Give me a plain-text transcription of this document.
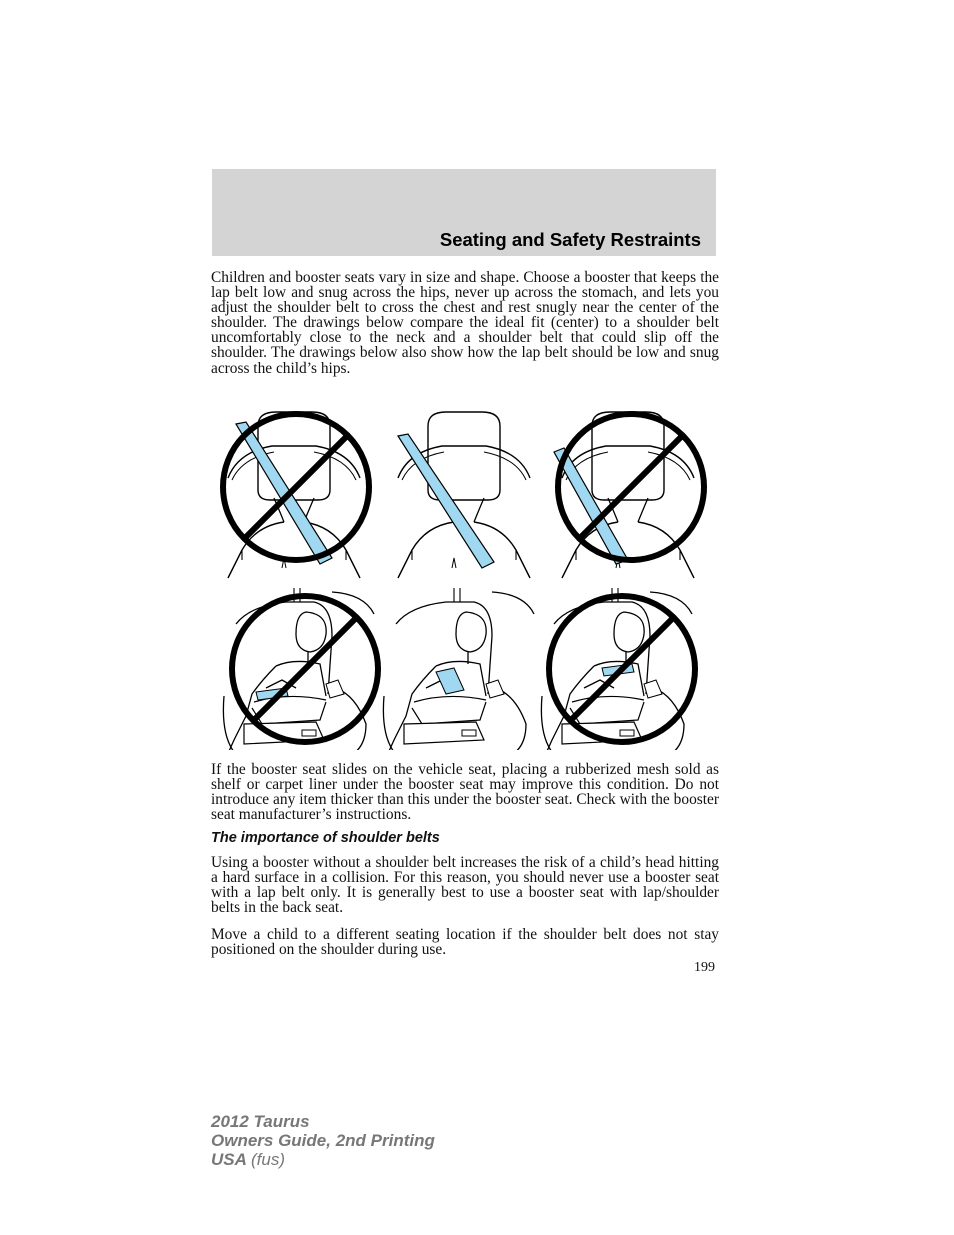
Seating and Safety Restraints

Children and booster seats vary in size and shape. Choose a booster that keeps the lap belt low and snug across the hips, never up across the stomach, and lets you adjust the shoulder belt to cross the chest and rest snugly near the center of the shoulder. The drawings below compare the ideal fit (center) to a shoulder belt uncomfortably close to the neck and a shoulder belt that could slip off the shoulder. The drawings below also show how the lap belt should be low and snug across the child’s hips.

If the booster seat slides on the vehicle seat, placing a rubberized mesh sold as shelf or carpet liner under the booster seat may improve this condition. Do not introduce any item thicker than this under the booster seat. Check with the booster seat manufacturer’s instructions.

The importance of shoulder belts

Using a booster without a shoulder belt increases the risk of a child’s head hitting a hard surface in a collision. For this reason, you should never use a booster seat with a lap belt only. It is generally best to use a booster seat with lap/shoulder belts in the back seat.

Move a child to a different seating location if the shoulder belt does not stay positioned on the shoulder during use.

199
2012 Taurus
Owners Guide, 2nd Printing
USA (fus)
